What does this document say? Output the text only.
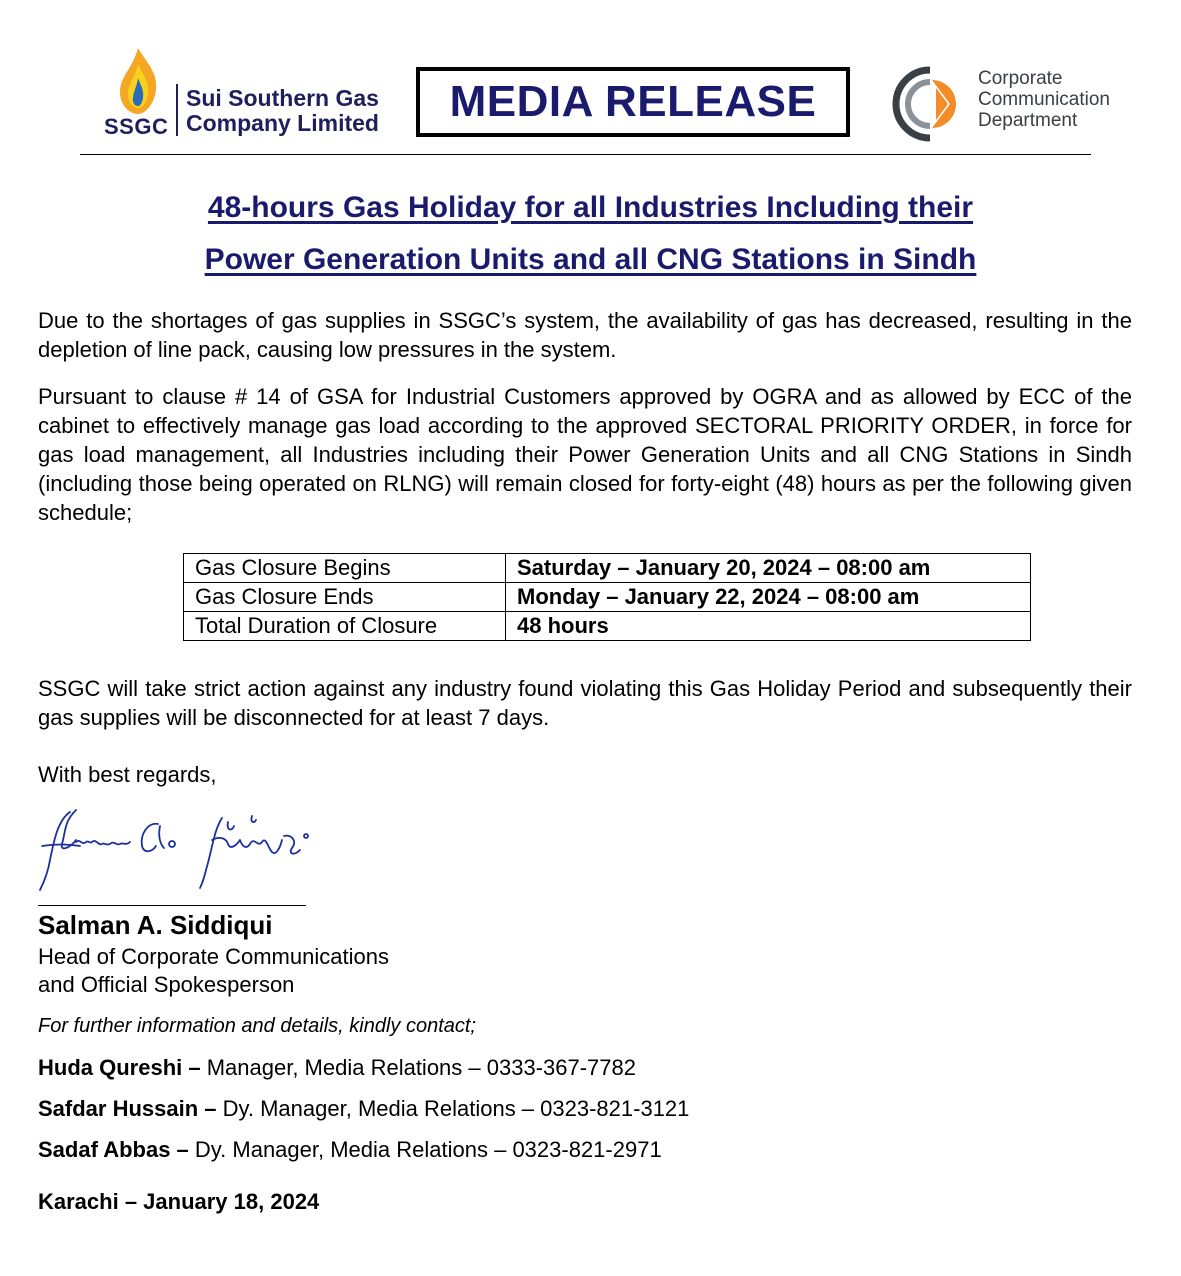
SSGC
Sui Southern Gas
Company Limited MEDIA RELEASE	Corporate
Communication
Department
48-hours Gas Holiday for all Industries Including their
Power Generation Units and all CNG Stations in Sindh

Due to the shortages of gas supplies in SSGC’s system, the availability of gas has decreased, resulting in the depletion of line pack, causing low pressures in the system.

Pursuant to clause # 14 of GSA for Industrial Customers approved by OGRA and as allowed by ECC of the cabinet to effectively manage gas load according to the approved SECTORAL PRIORITY ORDER, in force for gas load management, all Industries including their Power Generation Units and all CNG Stations in Sindh (including those being operated on RLNG) will remain closed for forty-eight (48) hours as per the following given schedule;

Gas Closure Begins	Saturday – January 20, 2024 – 08:00 am
Gas Closure Ends	Monday – January 22, 2024 – 08:00 am
Total Duration of Closure	48 hours

SSGC will take strict action against any industry found violating this Gas Holiday Period and subsequently their gas supplies will be disconnected for at least 7 days.

With best regards,
Salman A. Siddiqui
Head of Corporate Communications
and Official Spokesperson
For further information and details, kindly contact;
Huda Qureshi – Manager, Media Relations – 0333-367-7782
Safdar Hussain – Dy. Manager, Media Relations – 0323-821-3121
Sadaf Abbas – Dy. Manager, Media Relations – 0323-821-2971
Karachi – January 18, 2024
